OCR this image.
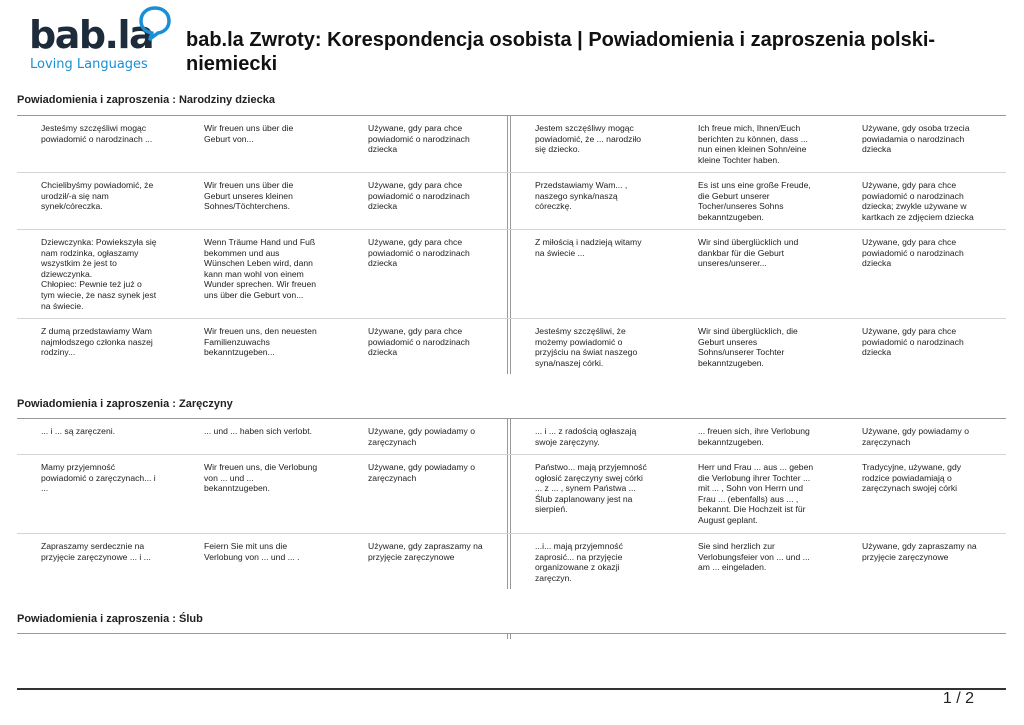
bab.la
Loving Languages
bab.la Zwroty: Korespondencja osobista | Powiadomienia i zaproszenia polski-niemiecki
Powiadomienia i zaproszenia : Narodziny dziecka
Jesteśmy szczęśliwi mogąc
powiadomić o narodzinach ...
Wir freuen uns über die
Geburt von...
Używane, gdy para chce
powiadomić o narodzinach
dziecka
Jestem szczęśliwy mogąc
powiadomić, że ... narodziło
się dziecko.
Ich freue mich, Ihnen/Euch
berichten zu können, dass ...
nun einen kleinen Sohn/eine
kleine Tochter haben.
Używane, gdy osoba trzecia
powiadamia o narodzinach
dziecka
Chcielibyśmy powiadomić, że
urodził/-a się nam
synek/córeczka.
Wir freuen uns über die
Geburt unseres kleinen
Sohnes/Töchterchens.
Używane, gdy para chce
powiadomić o narodzinach
dziecka
Przedstawiamy Wam... ,
naszego synka/naszą
córeczkę.
Es ist uns eine große Freude,
die Geburt unserer
Tocher/unseres Sohns
bekanntzugeben.
Używane, gdy para chce
powiadomić o narodzinach
dziecka; zwykle używane w
kartkach ze zdjęciem dziecka
Dziewczynka: Powiekszyła się
nam rodzinka, ogłaszamy
wszystkim że jest to
dziewczynka.
Chłopiec: Pewnie też już o
tym wiecie, że nasz synek jest
na świecie.
Wenn Träume Hand und Fuß
bekommen und aus
Wünschen Leben wird, dann
kann man wohl von einem
Wunder sprechen. Wir freuen
uns über die Geburt von...
Używane, gdy para chce
powiadomić o narodzinach
dziecka
Z miłością i nadzieją witamy
na świecie ...
Wir sind überglücklich und
dankbar für die Geburt
unseres/unserer...
Używane, gdy para chce
powiadomić o narodzinach
dziecka
Z dumą przedstawiamy Wam
najmłodszego członka naszej
rodziny...
Wir freuen uns, den neuesten
Familienzuwachs
bekanntzugeben...
Używane, gdy para chce
powiadomić o narodzinach
dziecka
Jesteśmy szczęśliwi, że
możemy powiadomić o
przyjściu na świat naszego
syna/naszej córki.
Wir sind überglücklich, die
Geburt unseres
Sohns/unserer Tochter
bekanntzugeben.
Używane, gdy para chce
powiadomić o narodzinach
dziecka
Powiadomienia i zaproszenia : Zaręczyny
... i ... są zaręczeni.	... und ... haben sich verlobt.	Używane, gdy powiadamy o
zaręczynach
... i ... z radością ogłaszają
swoje zaręczyny.
... freuen sich, ihre Verlobung
bekanntzugeben.
Używane, gdy powiadamy o
zaręczynach
Mamy przyjemność
powiadomić o zaręczynach... i
...
Wir freuen uns, die Verlobung
von ... und ...
bekanntzugeben.
Używane, gdy powiadamy o
zaręczynach
Państwo... mają przyjemność
ogłosić zaręczyny swej córki
... z ... , synem Państwa ...
Ślub zaplanowany jest na
sierpień.
Herr und Frau ... aus ... geben
die Verlobung ihrer Tochter ...
mit ... , Sohn von Herrn und
Frau ... (ebenfalls) aus ... ,
bekannt. Die Hochzeit ist für
August geplant.
Tradycyjne, używane, gdy
rodzice powiadamiają o
zaręczynach swojej córki
Zapraszamy serdecznie na
przyjęcie zaręczynowe ... i ...
Feiern Sie mit uns die
Verlobung von ... und ... .
Używane, gdy zapraszamy na
przyjęcie zaręczynowe
...i... mają przyjemność
zaprosić... na przyjęcie
organizowane z okazji
zaręczyn.
Sie sind herzlich zur
Verlobungsfeier von ... und ...
am ... eingeladen.
Używane, gdy zapraszamy na
przyjęcie zaręczynowe
Powiadomienia i zaproszenia : Ślub
1 / 2
